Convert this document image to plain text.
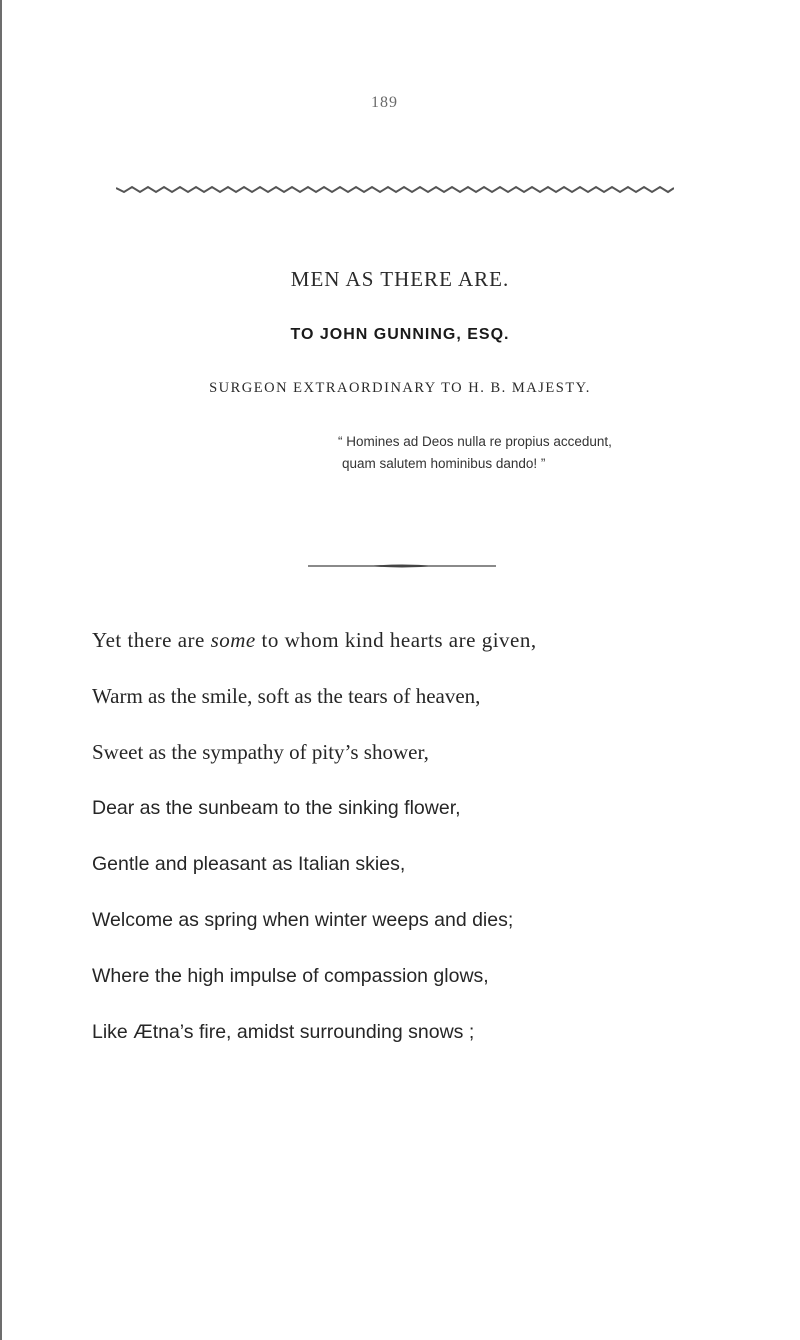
189
MEN AS THERE ARE.
TO JOHN GUNNING, ESQ.
SURGEON EXTRAORDINARY TO H. B. MAJESTY.
“ Homines ad Deos nulla re propius accedunt,
quam salutem hominibus dando! ”
Yet there are some to whom kind hearts are given,
Warm as the smile, soft as the tears of heaven,
Sweet as the sympathy of pity’s shower,
Dear as the sunbeam to the sinking flower,
Gentle and pleasant as Italian skies,
Welcome as spring when winter weeps and dies;
Where the high impulse of compassion glows,
Like Ætna’s fire, amidst surrounding snows ;
